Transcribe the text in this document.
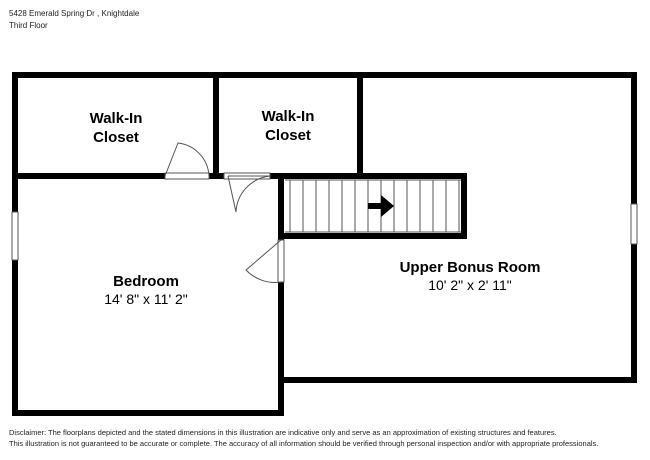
5428 Emerald Spring Dr , Knightdale
Third Floor
Walk-In
Closet
Walk-In
Closet
Bedroom
14' 8" x 11' 2"
Upper Bonus Room
10' 2" x 2' 11"
Disclaimer: The floorplans depicted and the stated dimensions in this illustration are indicative only and serve as an approximation of existing structures and features.
This illustration is not guaranteed to be accurate or complete. The accuracy of all information should be verified through personal inspection and/or with appropriate professionals.
